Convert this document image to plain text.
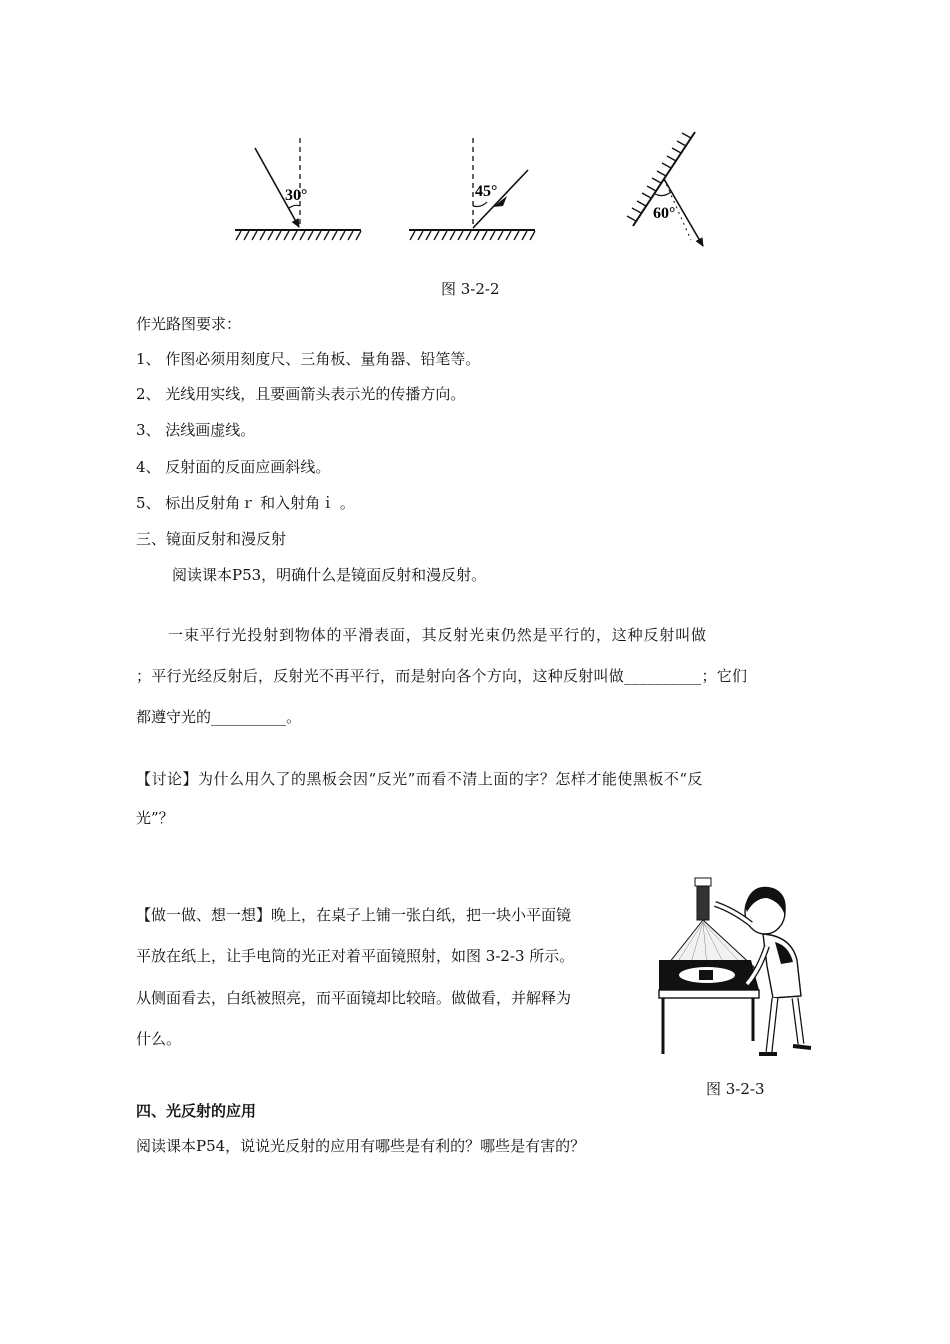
30°	45°
60°
图 3-2-2
作光路图要求：
1、 作图必须用刻度尺、三角板、量角器、铅笔等。
2、 光线用实线，且要画箭头表示光的传播方向。
3、 法线画虚线。
4、 反射面的反面应画斜线。
5、 标出反射角ｒ 和入射角ｉ 。
三、镜面反射和漫反射
阅读课本P53，明确什么是镜面反射和漫反射。
一束平行光投射到物体的平滑表面，其反射光束仍然是平行的，这种反射叫做
；平行光经反射后，反射光不再平行，而是射向各个方向，这种反射叫做__________；它们
都遵守光的__________。
【讨论】为什么用久了的黑板会因“反光”而看不清上面的字？怎样才能使黑板不“反
光”？
【做一做、想一想】晚上，在桌子上铺一张白纸，把一块小平面镜
平放在纸上，让手电筒的光正对着平面镜照射，如图 3-2-3 所示。
从侧面看去，白纸被照亮，而平面镜却比较暗。做做看，并解释为
什么。
图 3-2-3
四、光反射的应用
阅读课本P54，说说光反射的应用有哪些是有利的？哪些是有害的？
